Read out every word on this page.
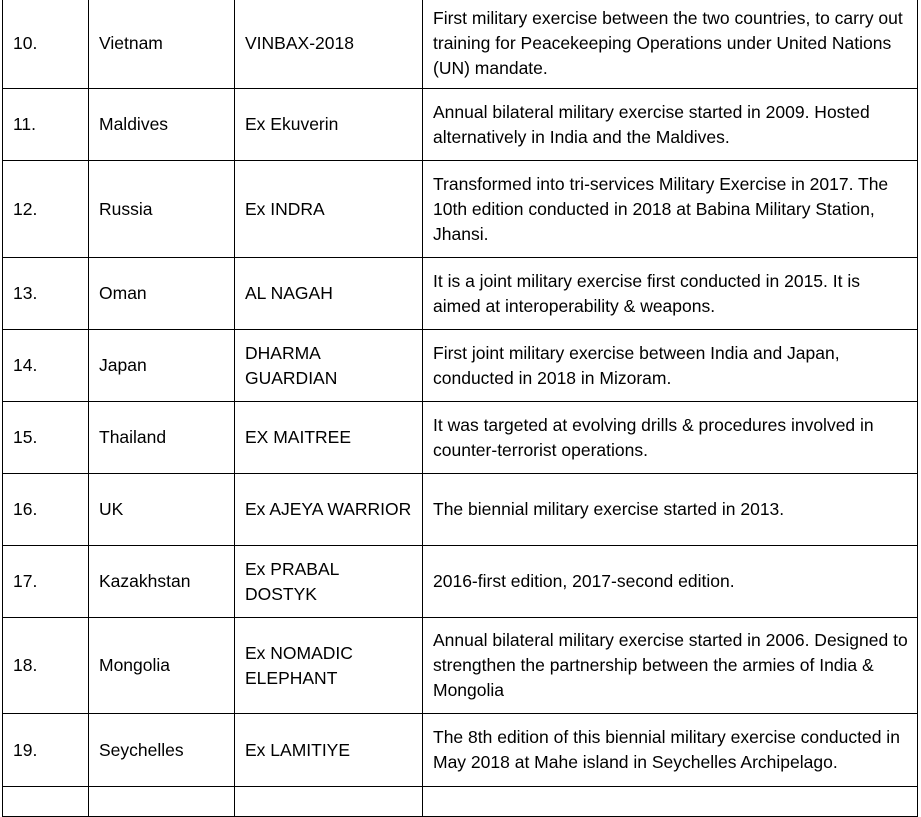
10.	Vietnam	VINBAX-2018	First military exercise between the two countries, to carry out training for Peacekeeping Operations under United Nations (UN) mandate.
11.	Maldives	Ex Ekuverin	Annual bilateral military exercise started in 2009. Hosted alternatively in India and the Maldives.
12.	Russia	Ex INDRA	Transformed into tri-services Military Exercise in 2017. The 10th edition conducted in 2018 at Babina Military Station, Jhansi.
13.	Oman	AL NAGAH	It is a joint military exercise first conducted in 2015. It is aimed at interoperability & weapons.
14.	Japan	DHARMA GUARDIAN	First joint military exercise between India and Japan, conducted in 2018 in Mizoram.
15.	Thailand	EX MAITREE	It was targeted at evolving drills & procedures involved in counter-terrorist operations.
16.	UK	Ex AJEYA WARRIOR	The biennial military exercise started in 2013.
17.	Kazakhstan	Ex PRABAL DOSTYK	2016-first edition, 2017-second edition.
18.	Mongolia	Ex NOMADIC ELEPHANT	Annual bilateral military exercise started in 2006. Designed to strengthen the partnership between the armies of India & Mongolia
19.	Seychelles	Ex LAMITIYE	The 8th edition of this biennial military exercise conducted in May 2018 at Mahe island in Seychelles Archipelago.
